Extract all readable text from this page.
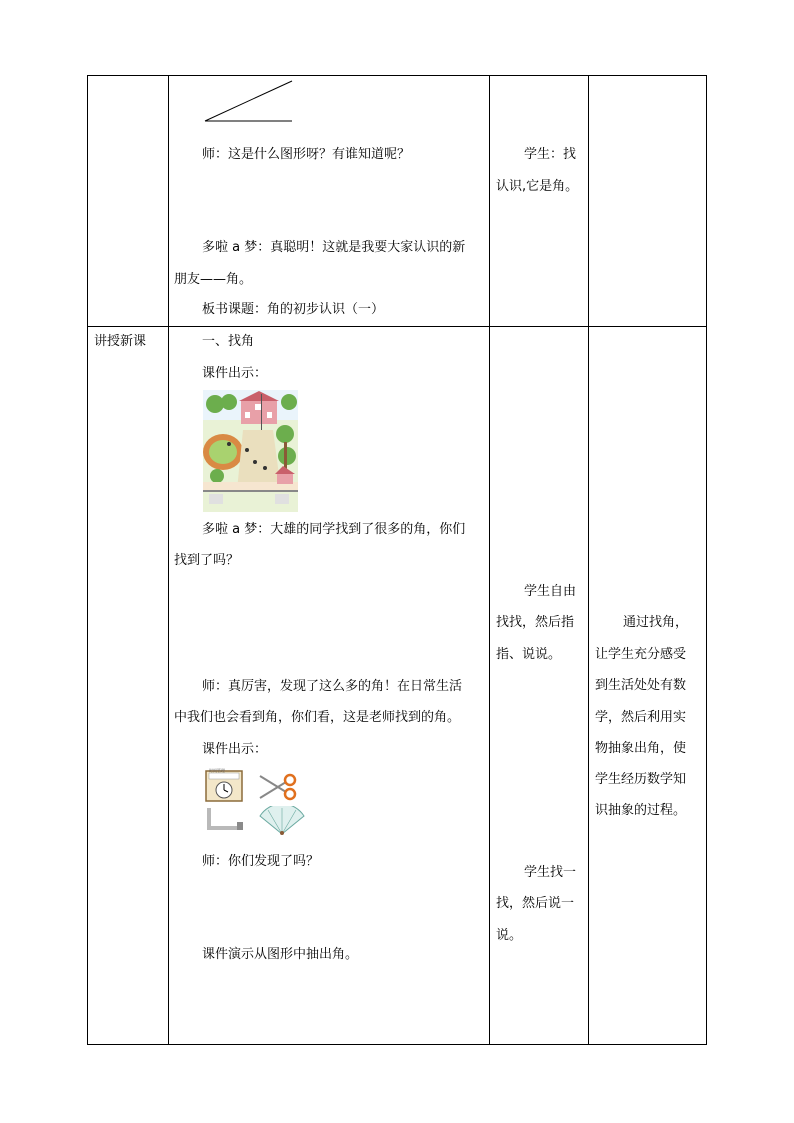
师：这是什么图形呀？有谁知道呢？
多啦 a 梦：真聪明！这就是我要大家认识的新
朋友——角。
板书课题：角的初步认识（一）
学生：找
认识,它是角。
讲授新课	一、找角
课件出示：
多啦 a 梦：大雄的同学找到了很多的角，你们
找到了吗？
师：真厉害，发现了这么多的角！在日常生活
中我们也会看到角，你们看，这是老师找到的角。
课件出示：
时间管理
师：你们发现了吗？
课件演示从图形中抽出角。
学生自由
找找，然后指
指、说说。
学生找一
找，然后说一
说。
通过找角，
让学生充分感受
到生活处处有数
学，然后利用实
物抽象出角，使
学生经历数学知
识抽象的过程。
